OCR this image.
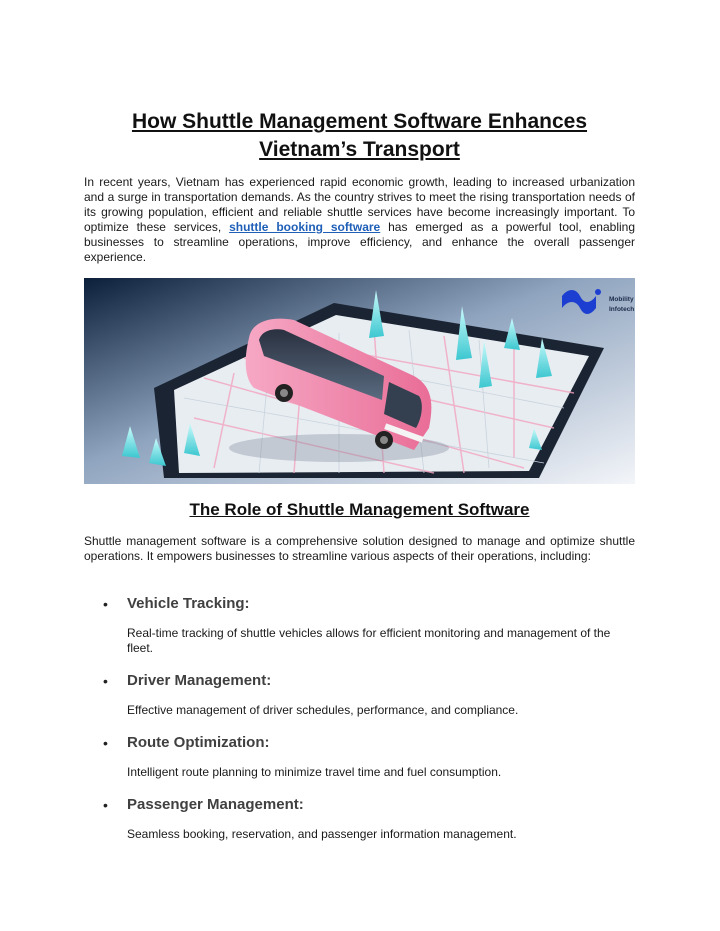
How Shuttle Management Software Enhances Vietnam’s Transport

In recent years, Vietnam has experienced rapid economic growth, leading to increased urbanization and a surge in transportation demands. As the country strives to meet the rising transportation needs of its growing population, efficient and reliable shuttle services have become increasingly important. To optimize these services, shuttle booking software has emerged as a powerful tool, enabling businesses to streamline operations, improve efficiency, and enhance the overall passenger experience.

Mobility
Infotech
The Role of Shuttle Management Software

Shuttle management software is a comprehensive solution designed to manage and optimize shuttle operations. It empowers businesses to streamline various aspects of their operations, including:

• Vehicle Tracking:
Real-time tracking of shuttle vehicles allows for efficient monitoring and management of the fleet.
• Driver Management:
Effective management of driver schedules, performance, and compliance.
• Route Optimization:
Intelligent route planning to minimize travel time and fuel consumption.
• Passenger Management:
Seamless booking, reservation, and passenger information management.
